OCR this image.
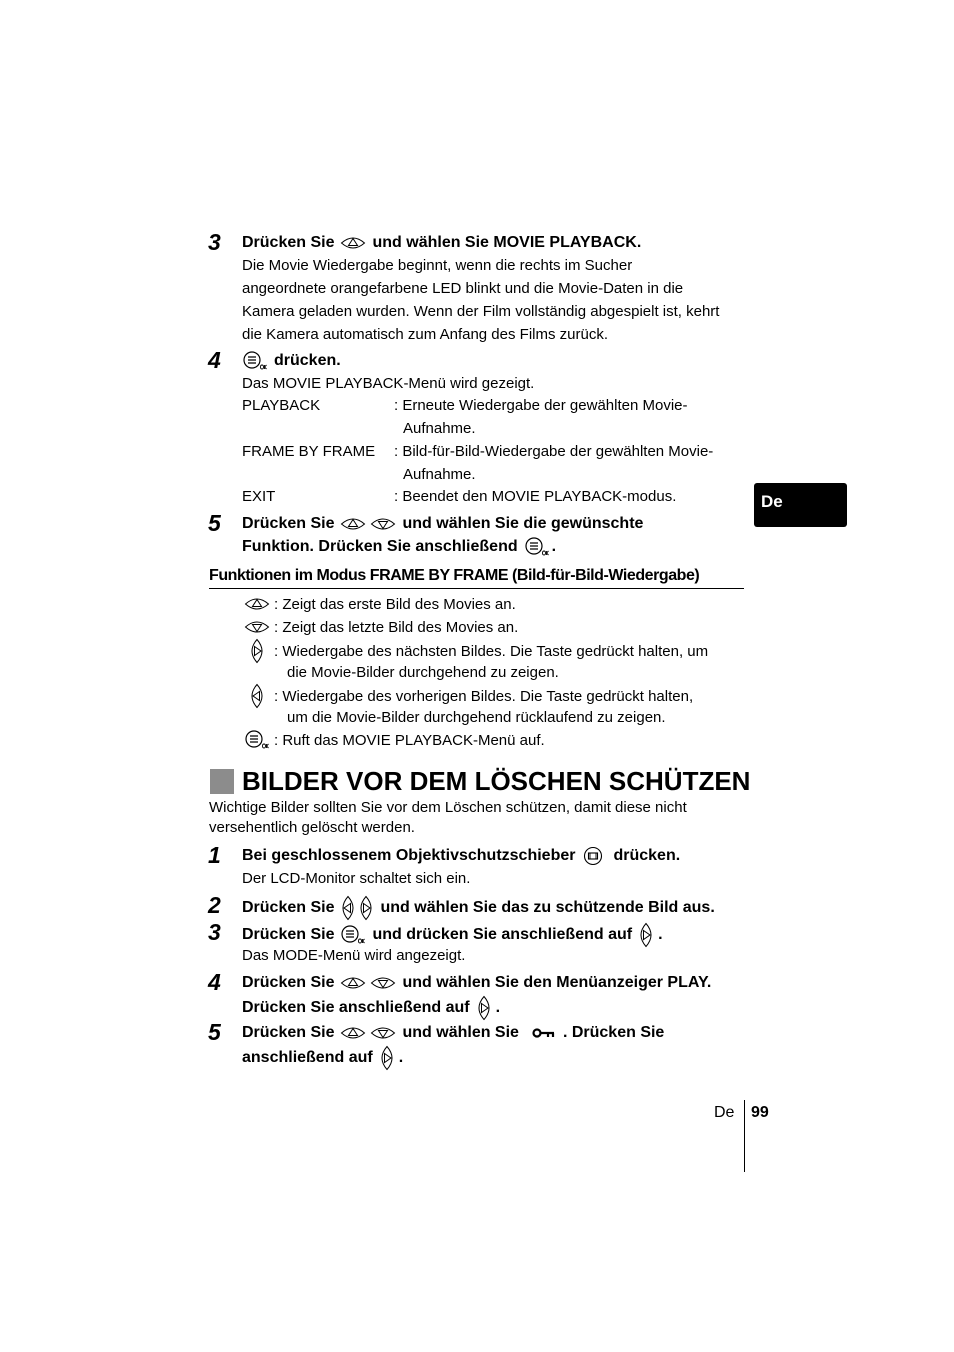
3	Drücken Sie und wählen Sie MOVIE PLAYBACK.
Die Movie Wiedergabe beginnt, wenn die rechts im Sucher
angeordnete orangefarbene LED blinkt und die Movie-Daten in die
Kamera geladen wurden. Wenn der Film vollständig abgespielt ist, kehrt
die Kamera automatisch zum Anfang des Films zurück.
4	drücken.
Das MOVIE PLAYBACK-Menü wird gezeigt.
PLAYBACK	: Erneute Wiedergabe der gewählten Movie-
Aufnahme.
FRAME BY FRAME : Bild-für-Bild-Wiedergabe der gewählten Movie-
Aufnahme.
EXIT	: Beendet den MOVIE PLAYBACK-modus.	De
5	Drücken Sie	und wählen Sie die gewünschte
Funktion. Drücken Sie anschließend .
Funktionen im Modus FRAME BY FRAME (Bild-für-Bild-Wiedergabe)
: Zeigt das erste Bild des Movies an.
: Zeigt das letzte Bild des Movies an.
: Wiedergabe des nächsten Bildes. Die Taste gedrückt halten, um
die Movie-Bilder durchgehend zu zeigen.
: Wiedergabe des vorherigen Bildes. Die Taste gedrückt halten,
um die Movie-Bilder durchgehend rücklaufend zu zeigen.
: Ruft das MOVIE PLAYBACK-Menü auf.
BILDER VOR DEM LÖSCHEN SCHÜTZEN
Wichtige Bilder sollten Sie vor dem Löschen schützen, damit diese nicht
versehentlich gelöscht werden.
1	Bei geschlossenem Objektivschutzschieber drücken.
Der LCD-Monitor schaltet sich ein.
2	Drücken Sie	und wählen Sie das zu schützende Bild aus.
3	Drücken Sie und drücken Sie anschließend auf .
Das MODE-Menü wird angezeigt.
4	Drücken Sie	und wählen Sie den Menüanzeiger PLAY.
Drücken Sie anschließend auf .
5	Drücken Sie	und wählen Sie	. Drücken Sie
anschließend auf .
De 99
